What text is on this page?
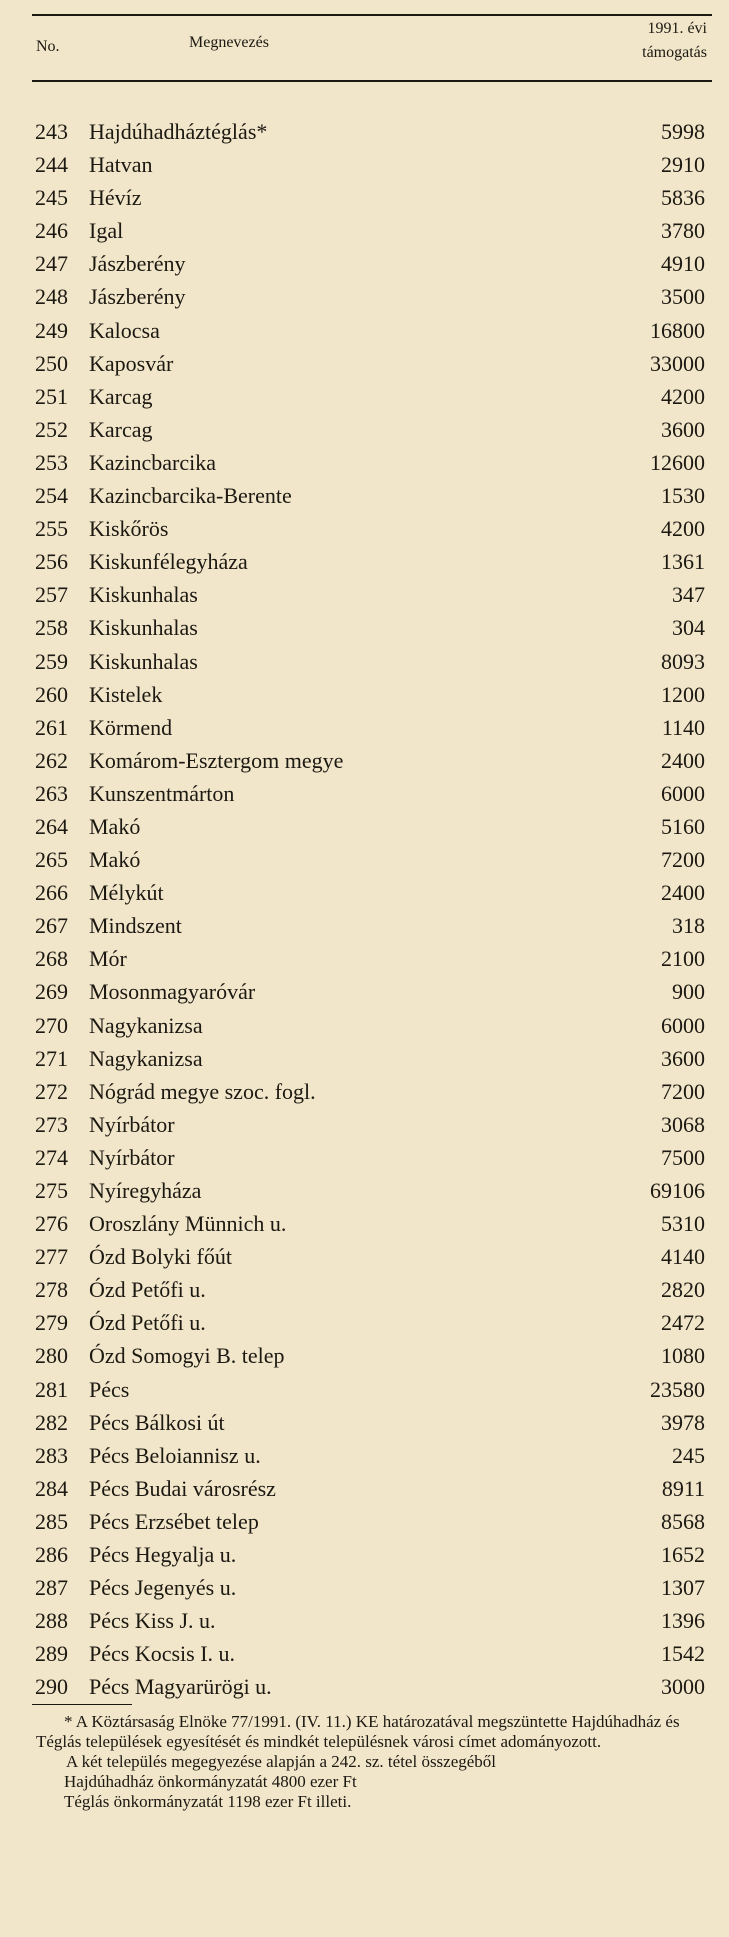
No.	Megnevezés
1991. évi
támogatás
243 Hajdúhadháztéglás*	5998
244 Hatvan	2910
245 Hévíz	5836
246 Igal	3780
247 Jászberény	4910
248 Jászberény	3500
249 Kalocsa	16800
250 Kaposvár	33000
251 Karcag	4200
252 Karcag	3600
253 Kazincbarcika	12600
254 Kazincbarcika-Berente	1530
255 Kiskőrös	4200
256 Kiskunfélegyháza	1361
257 Kiskunhalas	347
258 Kiskunhalas	304
259 Kiskunhalas	8093
260 Kistelek	1200
261 Körmend	1140
262 Komárom-Esztergom megye	2400
263 Kunszentmárton	6000
264 Makó	5160
265 Makó	7200
266 Mélykút	2400
267 Mindszent	318
268 Mór	2100
269 Mosonmagyaróvár	900
270 Nagykanizsa	6000
271 Nagykanizsa	3600
272 Nógrád megye szoc. fogl.	7200
273 Nyírbátor	3068
274 Nyírbátor	7500
275 Nyíregyháza	69106
276 Oroszlány Münnich u.	5310
277 Ózd Bolyki főút	4140
278 Ózd Petőfi u.	2820
279 Ózd Petőfi u.	2472
280 Ózd Somogyi B. telep	1080
281 Pécs	23580
282 Pécs Bálkosi út	3978
283 Pécs Beloiannisz u.	245
284 Pécs Budai városrész	8911
285 Pécs Erzsébet telep	8568
286 Pécs Hegyalja u.	1652
287 Pécs Jegenyés u.	1307
288 Pécs Kiss J. u.	1396
289 Pécs Kocsis I. u.	1542
290 Pécs Magyarürögi u.	3000

* A Köztársaság Elnöke 77/1991. (IV. 11.) KE határozatával megszüntette Hajdúhadház és Téglás települések egyesítését és mindkét településnek városi címet adományozott.

A két település megegyezése alapján a 242. sz. tétel összegéből

Hajdúhadház önkormányzatát 4800 ezer Ft

Téglás önkormányzatát 1198 ezer Ft illeti.
